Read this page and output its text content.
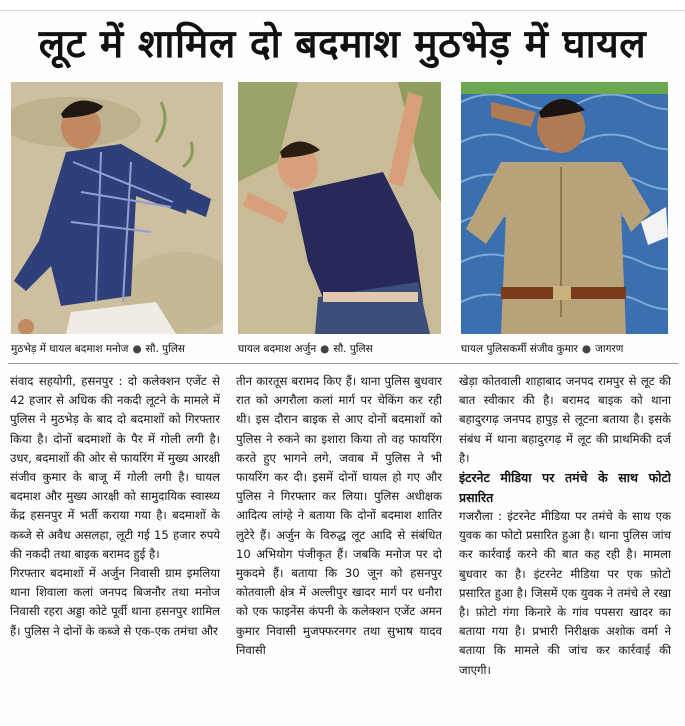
लूट में शामिल दो बदमाश मुठभेड़ में घायल
मुठभेड़ में घायल बदमाश मनोज ● सौ. पुलिस	घायल बदमाश अर्जुन ● सौ. पुलिस	घायल पुलिसकर्मी संजीव कुमार ● जागरण

संवाद सहयोगी, हसनपुर : दो कलेक्शन एजेंट से 42 हजार से अधिक की नकदी लूटने के मामले में पुलिस ने मुठभेड़ के बाद दो बदमाशों को गिरफ्तार किया है। दोनों बदमाशों के पैर में गोली लगी है। उधर, बदमाशों की ओर से फायरिंग में मुख्य आरक्षी संजीव कुमार के बाजू में गोली लगी है। घायल बदमाश और मुख्य आरक्षी को सामुदायिक स्वास्थ्य केंद्र हसनपुर में भर्ती कराया गया है। बदमाशों के कब्जे से अवैध असलहा, लूटी गई 15 हजार रुपये की नकदी तथा बाइक बरामद हुई है।

गिरफ्तार बदमाशों में अर्जुन निवासी ग्राम इमलिया थाना शिवाला कलां जनपद बिजनौर तथा मनोज निवासी रहरा अड्डा कोटे पूर्वी थाना हसनपुर शामिल हैं। पुलिस ने दोनों के कब्जे से एक-एक तमंचा और

तीन कारतूस बरामद किए हैं। थाना पुलिस बुधवार रात को अगरौला कलां मार्ग पर चेकिंग कर रही थी। इस दौरान बाइक से आए दोनों बदमाशों को पुलिस ने रुकने का इशारा किया तो वह फायरिंग करते हुए भागने लगे, जवाब में पुलिस ने भी फायरिंग कर दी। इसमें दोनों घायल हो गए और पुलिस ने गिरफ्तार कर लिया। पुलिस अधीक्षक आदित्य लांग्हे ने बताया कि दोनों बदमाश शातिर लुटेरे हैं। अर्जुन के विरुद्ध लूट आदि से संबंधित 10 अभियोग पंजीकृत हैं। जबकि मनोज पर दो मुकदमे हैं। बताया कि 30 जून को हसनपुर कोतवाली क्षेत्र में अल्लीपुर खादर मार्ग पर धनौरा को एक फाइनेंस कंपनी के कलेक्शन एजेंट अमन कुमार निवासी मुजफ्फरनगर तथा सुभाष यादव निवासी

खेड़ा कोतवाली शाहाबाद जनपद रामपुर से लूट की बात स्वीकार की है। बरामद बाइक को थाना बहादुरगढ़ जनपद हापुड़ से लूटना बताया है। इसके संबंध में थाना बहादुरगढ़ में लूट की प्राथमिकी दर्ज है।

इंटरनेट मीडिया पर तमंचे के साथ फोटो प्रसारित

गजरौला : इंटरनेट मीडिया पर तमंचे के साथ एक युवक का फोटो प्रसारित हुआ है। थाना पुलिस जांच कर कार्रवाई करने की बात कह रही है। मामला बुधवार का है। इंटरनेट मीडिया पर एक फ़ोटो प्रसारित हुआ है। जिसमें एक युवक ने तमंचे ले रखा है। फ़ोटो गंगा किनारे के गांव पपसरा खादर का बताया गया है। प्रभारी निरीक्षक अशोक वर्मा ने बताया कि मामले की जांच कर कार्रवाई की जाएगी।
